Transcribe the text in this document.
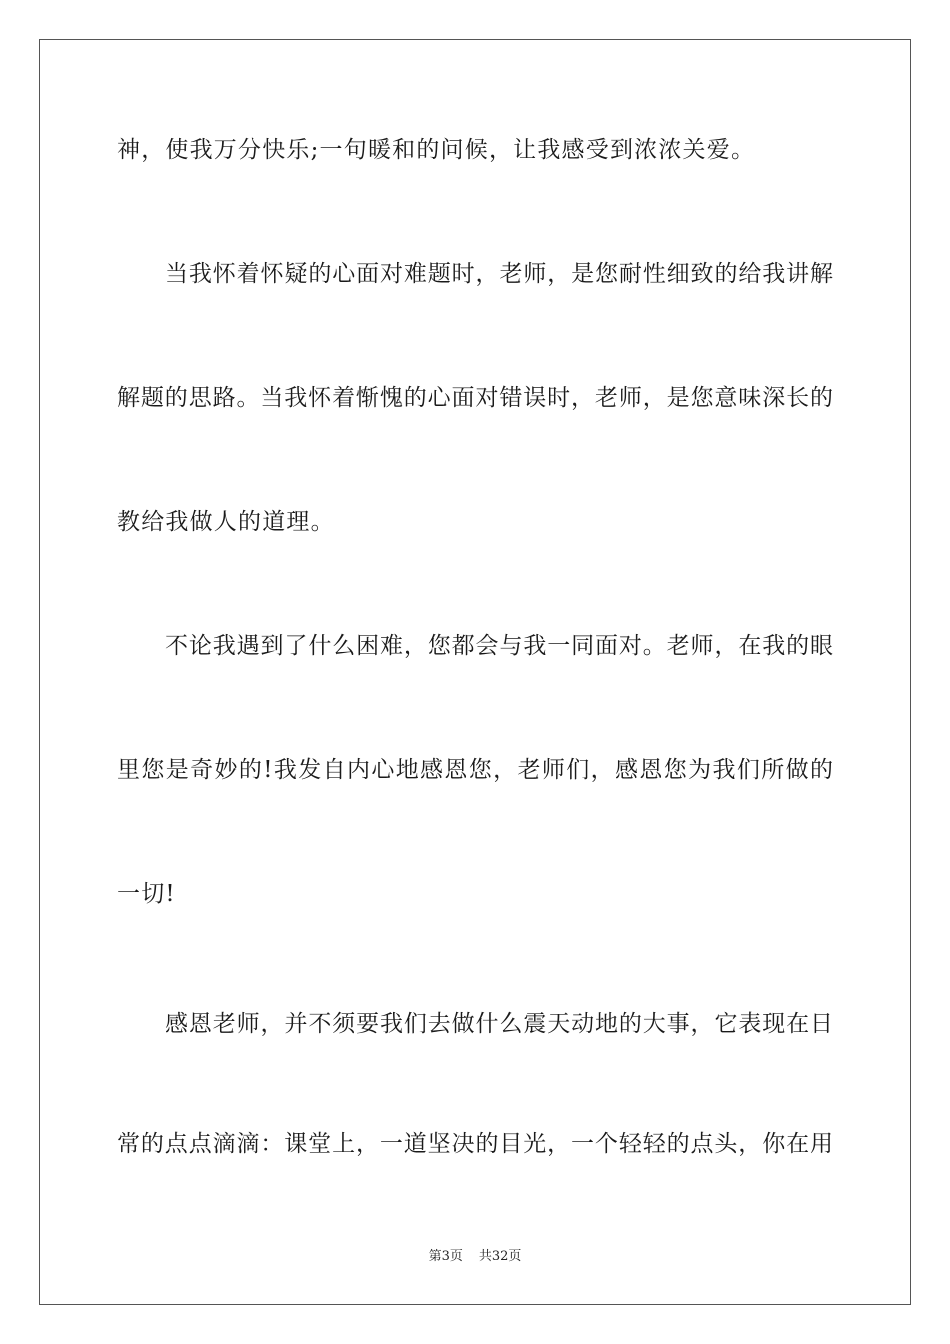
神，使我万分快乐;一句暖和的问候，让我感受到浓浓关爱。
当我怀着怀疑的心面对难题时，老师，是您耐性细致的给我讲解
解题的思路。当我怀着惭愧的心面对错误时，老师，是您意味深长的
教给我做人的道理。
不论我遇到了什么困难，您都会与我一同面对。老师，在我的眼
里您是奇妙的!我发自内心地感恩您，老师们，感恩您为我们所做的
一切!
感恩老师，并不须要我们去做什么震天动地的大事，它表现在日
常的点点滴滴：课堂上，一道坚决的目光，一个轻轻的点头，你在用
第3页 共32页
